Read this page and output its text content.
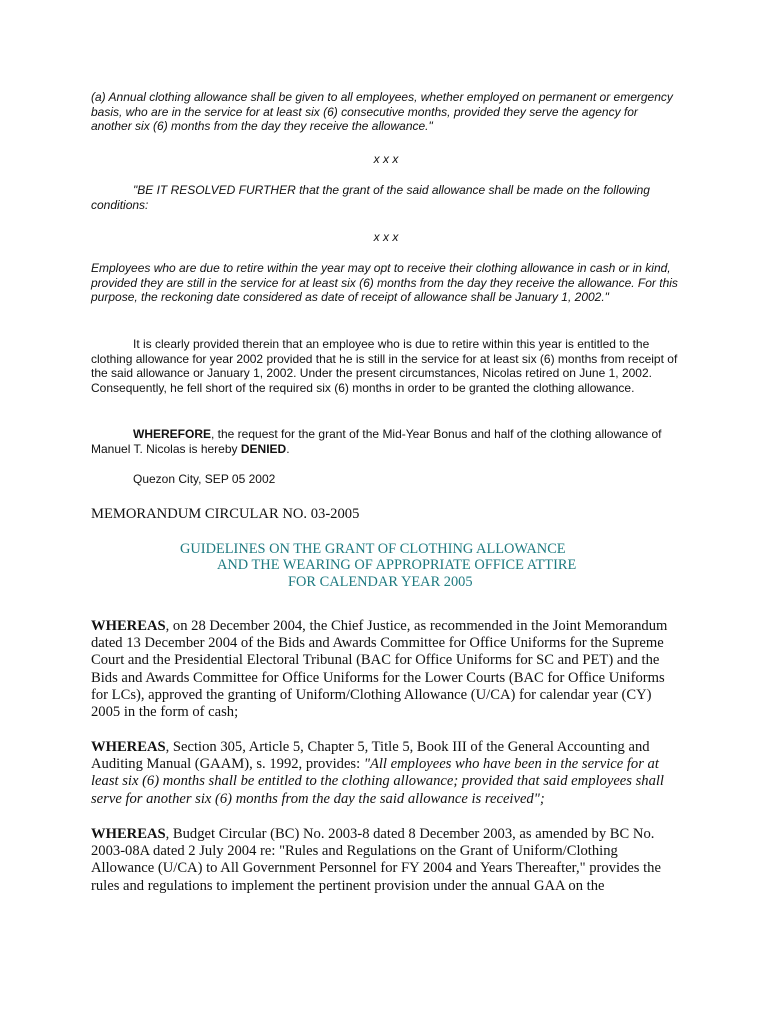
(a) Annual clothing allowance shall be given to all employees, whether employed on permanent or emergency basis, who are in the service for at least six (6) consecutive months, provided they serve the agency for another six (6) months from the day they receive the allowance."

x x x

"BE IT RESOLVED FURTHER that the grant of the said allowance shall be made on the following conditions:

x x x

Employees who are due to retire within the year may opt to receive their clothing allowance in cash or in kind, provided they are still in the service for at least six (6) months from the day they receive the allowance. For this purpose, the reckoning date considered as date of receipt of allowance shall be January 1, 2002."

It is clearly provided therein that an employee who is due to retire within this year is entitled to the clothing allowance for year 2002 provided that he is still in the service for at least six (6) months from receipt of the said allowance or January 1, 2002. Under the present circumstances, Nicolas retired on June 1, 2002. Consequently, he fell short of the required six (6) months in order to be granted the clothing allowance.

WHEREFORE, the request for the grant of the Mid-Year Bonus and half of the clothing allowance of Manuel T. Nicolas is hereby DENIED.

Quezon City, SEP 05 2002

MEMORANDUM CIRCULAR NO. 03-2005

GUIDELINES ON THE GRANT OF CLOTHING ALLOWANCE
AND THE WEARING OF APPROPRIATE OFFICE ATTIRE
FOR CALENDAR YEAR 2005

WHEREAS, on 28 December 2004, the Chief Justice, as recommended in the Joint Memorandum dated 13 December 2004 of the Bids and Awards Committee for Office Uniforms for the Supreme Court and the Presidential Electoral Tribunal (BAC for Office Uniforms for SC and PET) and the Bids and Awards Committee for Office Uniforms for the Lower Courts (BAC for Office Uniforms for LCs), approved the granting of Uniform/Clothing Allowance (U/CA) for calendar year (CY) 2005 in the form of cash;

WHEREAS, Section 305, Article 5, Chapter 5, Title 5, Book III of the General Accounting and Auditing Manual (GAAM), s. 1992, provides: "All employees who have been in the service for at least six (6) months shall be entitled to the clothing allowance; provided that said employees shall serve for another six (6) months from the day the said allowance is received";

WHEREAS, Budget Circular (BC) No. 2003-8 dated 8 December 2003, as amended by BC No. 2003-08A dated 2 July 2004 re: "Rules and Regulations on the Grant of Uniform/Clothing Allowance (U/CA) to All Government Personnel for FY 2004 and Years Thereafter," provides the rules and regulations to implement the pertinent provision under the annual GAA on the
